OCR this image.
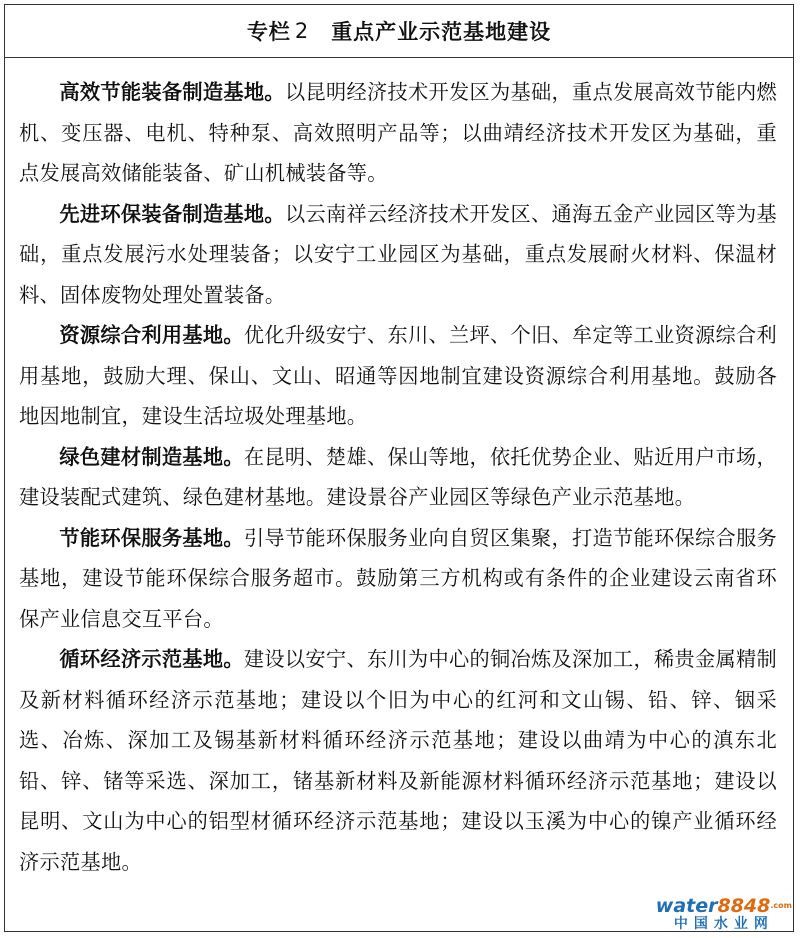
专栏 2 重点产业示范基地建设

高效节能装备制造基地。以昆明经济技术开发区为基础，重点发展高效节能内燃机、变压器、电机、特种泵、高效照明产品等；以曲靖经济技术开发区为基础，重点发展高效储能装备、矿山机械装备等。

先进环保装备制造基地。以云南祥云经济技术开发区、通海五金产业园区等为基础，重点发展污水处理装备；以安宁工业园区为基础，重点发展耐火材料、保温材料、固体废物处理处置装备。

资源综合利用基地。优化升级安宁、东川、兰坪、个旧、牟定等工业资源综合利用基地，鼓励大理、保山、文山、昭通等因地制宜建设资源综合利用基地。鼓励各地因地制宜，建设生活垃圾处理基地。

绿色建材制造基地。在昆明、楚雄、保山等地，依托优势企业、贴近用户市场，建设装配式建筑、绿色建材基地。建设景谷产业园区等绿色产业示范基地。

节能环保服务基地。引导节能环保服务业向自贸区集聚，打造节能环保综合服务基地，建设节能环保综合服务超市。鼓励第三方机构或有条件的企业建设云南省环保产业信息交互平台。

循环经济示范基地。建设以安宁、东川为中心的铜冶炼及深加工，稀贵金属精制及新材料循环经济示范基地；建设以个旧为中心的红河和文山锡、铅、锌、铟采选、冶炼、深加工及锡基新材料循环经济示范基地；建设以曲靖为中心的滇东北铅、锌、锗等采选、深加工，锗基新材料及新能源材料循环经济示范基地；建设以昆明、文山为中心的铝型材循环经济示范基地；建设以玉溪为中心的镍产业循环经济示范基地。

$water8848^{.com}$
中国水业网
